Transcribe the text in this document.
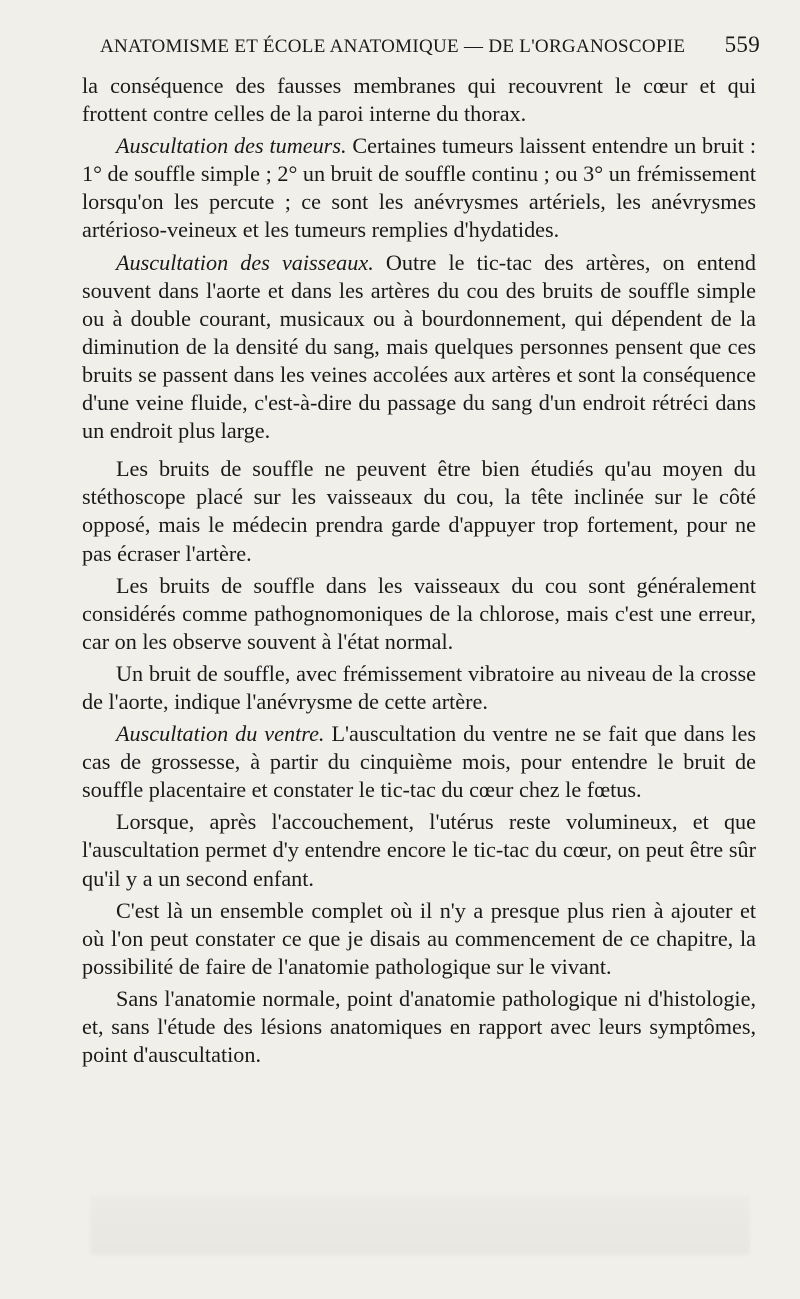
ANATOMISME ET ÉCOLE ANATOMIQUE — DE L'ORGANOSCOPIE 559

la conséquence des fausses membranes qui recouvrent le cœur et qui frottent contre celles de la paroi interne du thorax.

Auscultation des tumeurs. Certaines tumeurs laissent entendre un bruit : 1° de souffle simple ; 2° un bruit de souffle continu ; ou 3° un frémissement lorsqu'on les percute ; ce sont les anévrysmes artériels, les anévrysmes artérioso-veineux et les tumeurs remplies d'hydatides.

Auscultation des vaisseaux. Outre le tic-tac des artères, on entend souvent dans l'aorte et dans les artères du cou des bruits de souffle simple ou à double courant, musicaux ou à bourdonnement, qui dépendent de la diminution de la densité du sang, mais quelques personnes pensent que ces bruits se passent dans les veines accolées aux artères et sont la conséquence d'une veine fluide, c'est-à-dire du passage du sang d'un endroit rétréci dans un endroit plus large.

Les bruits de souffle ne peuvent être bien étudiés qu'au moyen du stéthoscope placé sur les vaisseaux du cou, la tête inclinée sur le côté opposé, mais le médecin prendra garde d'appuyer trop fortement, pour ne pas écraser l'artère.

Les bruits de souffle dans les vaisseaux du cou sont généralement considérés comme pathognomoniques de la chlorose, mais c'est une erreur, car on les observe souvent à l'état normal.

Un bruit de souffle, avec frémissement vibratoire au niveau de la crosse de l'aorte, indique l'anévrysme de cette artère.

Auscultation du ventre. L'auscultation du ventre ne se fait que dans les cas de grossesse, à partir du cinquième mois, pour entendre le bruit de souffle placentaire et constater le tic-tac du cœur chez le fœtus.

Lorsque, après l'accouchement, l'utérus reste volumineux, et que l'auscultation permet d'y entendre encore le tic-tac du cœur, on peut être sûr qu'il y a un second enfant.

C'est là un ensemble complet où il n'y a presque plus rien à ajouter et où l'on peut constater ce que je disais au commencement de ce chapitre, la possibilité de faire de l'anatomie pathologique sur le vivant.

Sans l'anatomie normale, point d'anatomie pathologique ni d'histologie, et, sans l'étude des lésions anatomiques en rapport avec leurs symptômes, point d'auscultation.
